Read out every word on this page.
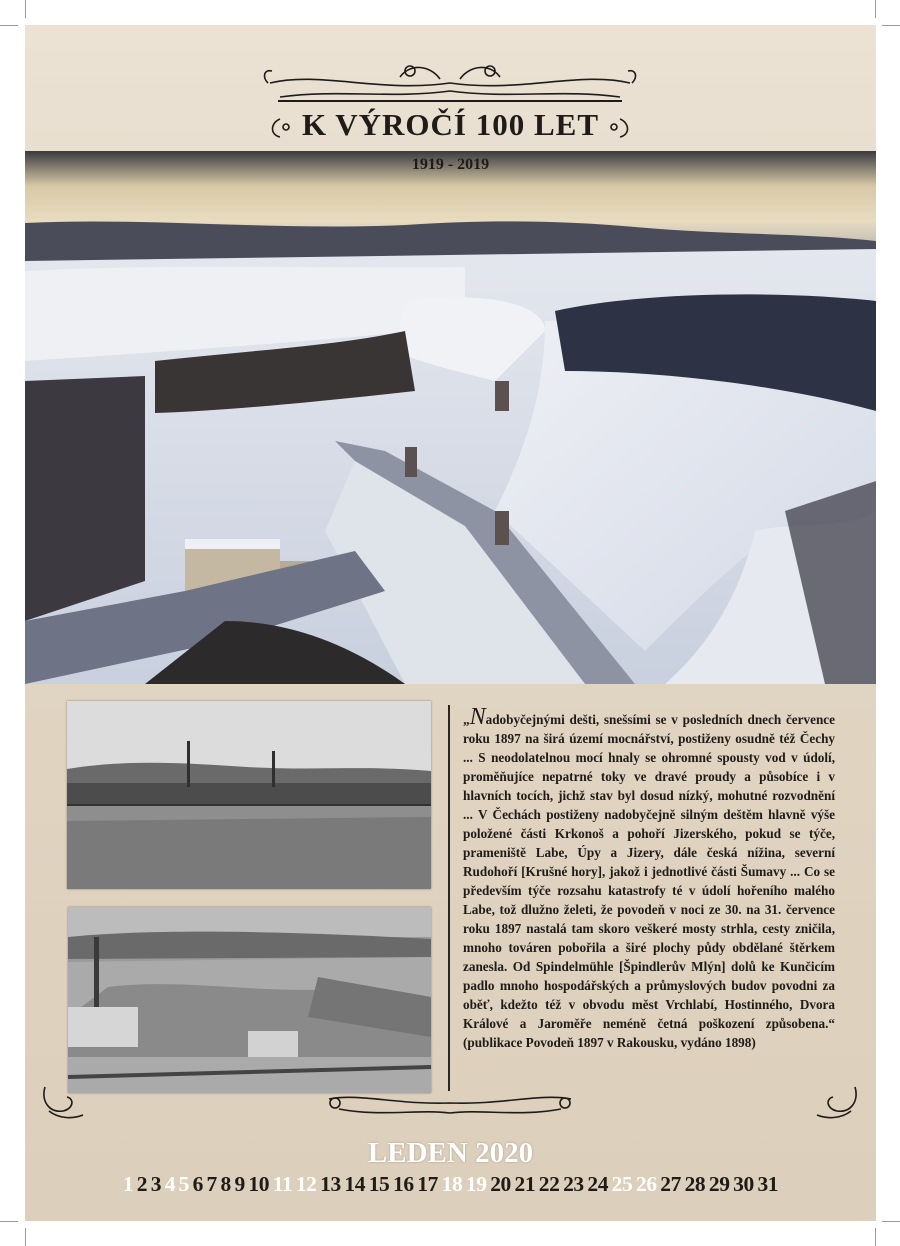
K VÝROČÍ 100 LET
1919 - 2019
„Nadobyčejnými dešti, snešsími se v posledních dnech července roku 1897 na širá území mocnářství, postiženy osudně též Čechy ... S neodolatelnou mocí hnaly se ohromné spousty vod v údolí, proměňujíce nepatrné toky ve dravé proudy a působíce i v hlavních tocích, jichž stav byl dosud nízký, mohutné rozvodnění ... V Čechách postiženy nadobyčejně silným deštěm hlavně výše položené části Krkonoš a pohoří Jizerského, pokud se týče, prameniště Labe, Úpy a Jizery, dále česká nížina, severní Rudohoří [Krušné hory], jakož i jednotlivé části Šumavy ... Co se především týče rozsahu katastrofy té v údolí hořeního malého Labe, tož dlužno želeti, že povodeň v noci ze 30. na 31. července roku 1897 nastalá tam skoro veškeré mosty strhla, cesty zničila, mnoho továren pobořila a širé plochy půdy obdělané štěrkem zanesla. Od Spindelmühle [Špindlerův Mlýn] dolů ke Kunčicím padlo mnoho hospodářských a průmyslových budov povodni za oběť, kdežto též v obvodu měst Vrchlabí, Hostinného, Dvora Králové a Jaroměře neméně četná poškození způsobena.“ (publikace Povodeň 1897 v Rakousku, vydáno 1898)
LEDEN 2020
1 2 3 4 5 6 7 8 9 10 11 12 13 14 15 16 17 18 19 20 21 22 23 24 25 26 27 28 29 30 31
